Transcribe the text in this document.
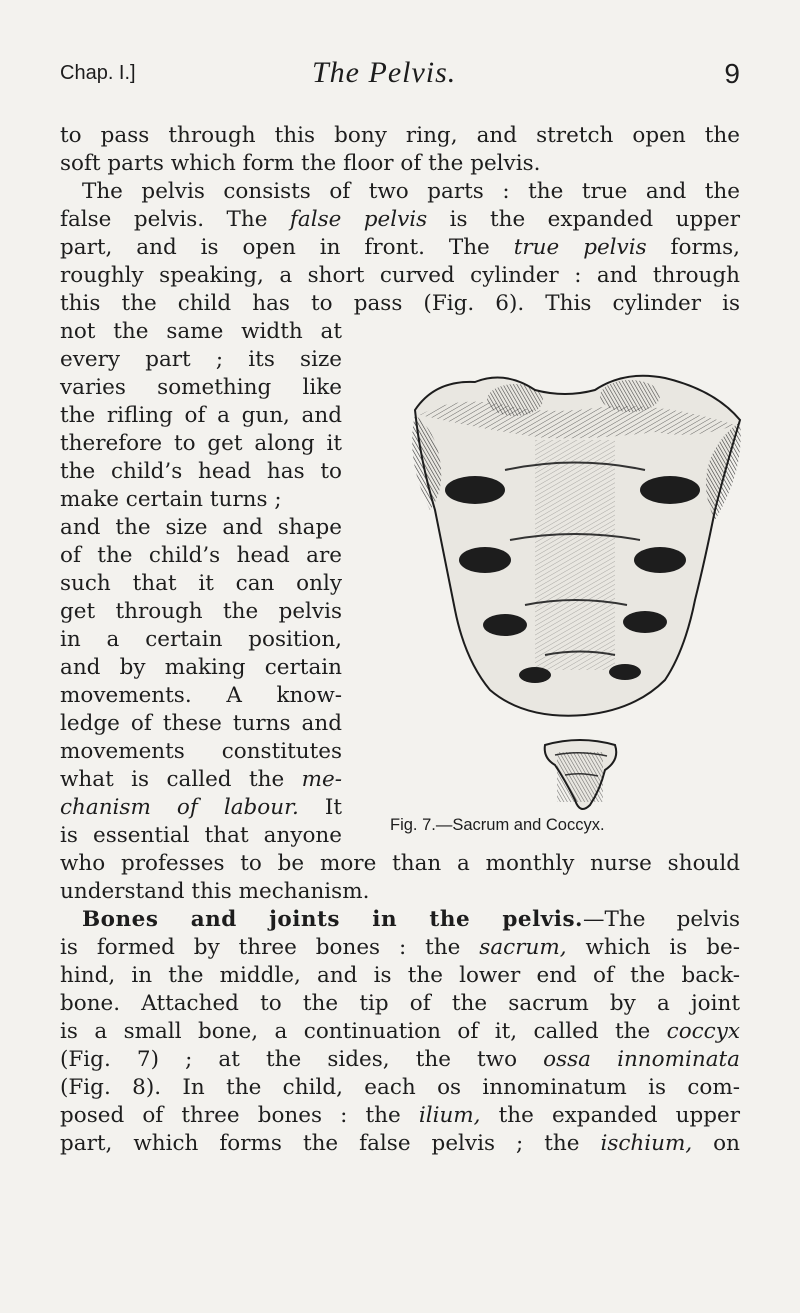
Chap. I.]	The Pelvis.	9
to pass through this bony ring, and stretch open the
soft parts which form the floor of the pelvis.
The pelvis consists of two parts : the true and the
false pelvis. The false pelvis is the expanded upper
part, and is open in front. The true pelvis forms,
roughly speaking, a short curved cylinder : and through
this the child has to pass (Fig. 6). This cylinder is
not the same width at
every part ; its size
varies something like
the rifling of a gun, and
therefore to get along it
the child’s head has to
make certain turns ;
and the size and shape
of the child’s head are
such that it can only
get through the pelvis
in a certain position,
and by making certain
movements. A know-
ledge of these turns and
movements constitutes
what is called the me-
chanism of labour. It
is essential that anyone	Fig. 7.—Sacrum and Coccyx.
who professes to be more than a monthly nurse should
understand this mechanism.
Bones and joints in the pelvis.—The pelvis
is formed by three bones : the sacrum, which is be-
hind, in the middle, and is the lower end of the back-
bone. Attached to the tip of the sacrum by a joint
is a small bone, a continuation of it, called the coccyx
(Fig. 7) ; at the sides, the two ossa innominata
(Fig. 8). In the child, each os innominatum is com-
posed of three bones : the ilium, the expanded upper
part, which forms the false pelvis ; the ischium, on
